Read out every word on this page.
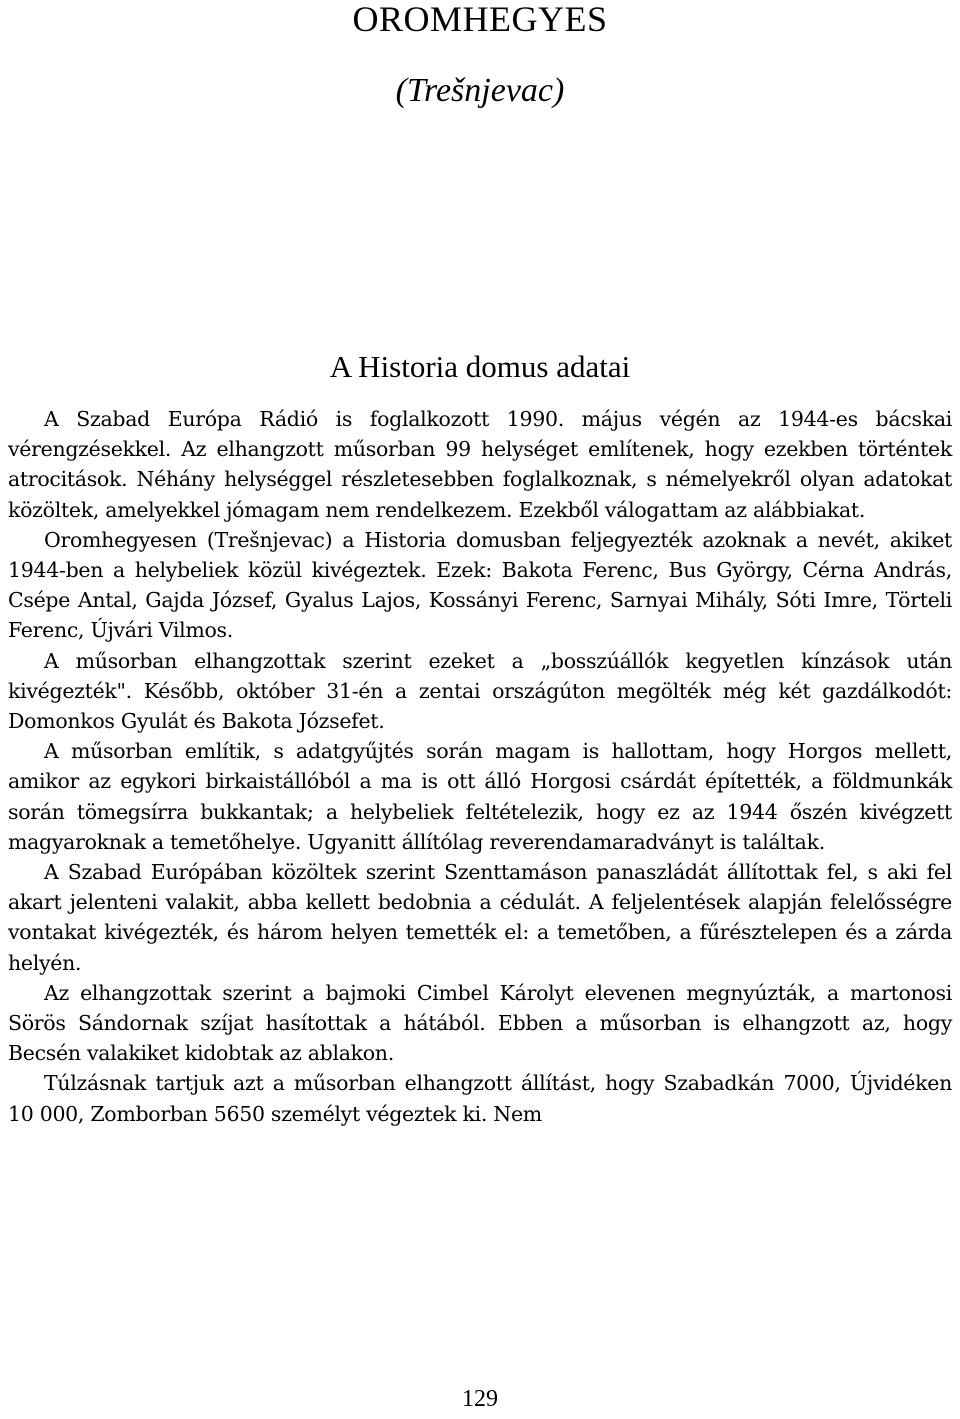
OROMHEGYES
(Trešnjevac)
A Historia domus adatai

A Szabad Európa Rádió is foglalkozott 1990. május végén az 1944-es bácskai vérengzésekkel. Az elhangzott műsorban 99 helységet említenek, hogy ezekben történtek atrocitások. Néhány helységgel részletesebben foglalkoznak, s némelyekről olyan adatokat közöltek, amelyekkel jómagam nem rendelkezem. Ezekből válogattam az alábbiakat.

Oromhegyesen (Trešnjevac) a Historia domusban feljegyezték azoknak a nevét, akiket 1944-ben a helybeliek közül kivégeztek. Ezek: Bakota Ferenc, Bus György, Cérna András, Csépe Antal, Gajda József, Gyalus Lajos, Kossányi Ferenc, Sarnyai Mihály, Sóti Imre, Törteli Ferenc, Újvári Vilmos.

A műsorban elhangzottak szerint ezeket a „bosszúállók kegyetlen kínzások után kivégezték". Később, október 31-én a zentai országúton megölték még két gazdálkodót: Domonkos Gyulát és Bakota Józsefet.

A műsorban említik, s adatgyűjtés során magam is hallottam, hogy Horgos mellett, amikor az egykori birkaistállóból a ma is ott álló Horgosi csárdát építették, a földmunkák során tömegsírra bukkantak; a helybeliek feltételezik, hogy ez az 1944 őszén kivégzett magyaroknak a temetőhelye. Ugyanitt állítólag reverendamaradványt is találtak.

A Szabad Európában közöltek szerint Szenttamáson panaszládát állítottak fel, s aki fel akart jelenteni valakit, abba kellett bedobnia a cédulát. A feljelentések alapján felelősségre vontakat kivégezték, és három helyen temették el: a temetőben, a fűrésztelepen és a zárda helyén.

Az elhangzottak szerint a bajmoki Cimbel Károlyt elevenen megnyúzták, a martonosi Sörös Sándornak szíjat hasítottak a hátából. Ebben a műsorban is elhangzott az, hogy Becsén valakiket kidobtak az ablakon.

Túlzásnak tartjuk azt a műsorban elhangzott állítást, hogy Szabadkán 7000, Újvidéken 10 000, Zomborban 5650 személyt végeztek ki. Nem

129
